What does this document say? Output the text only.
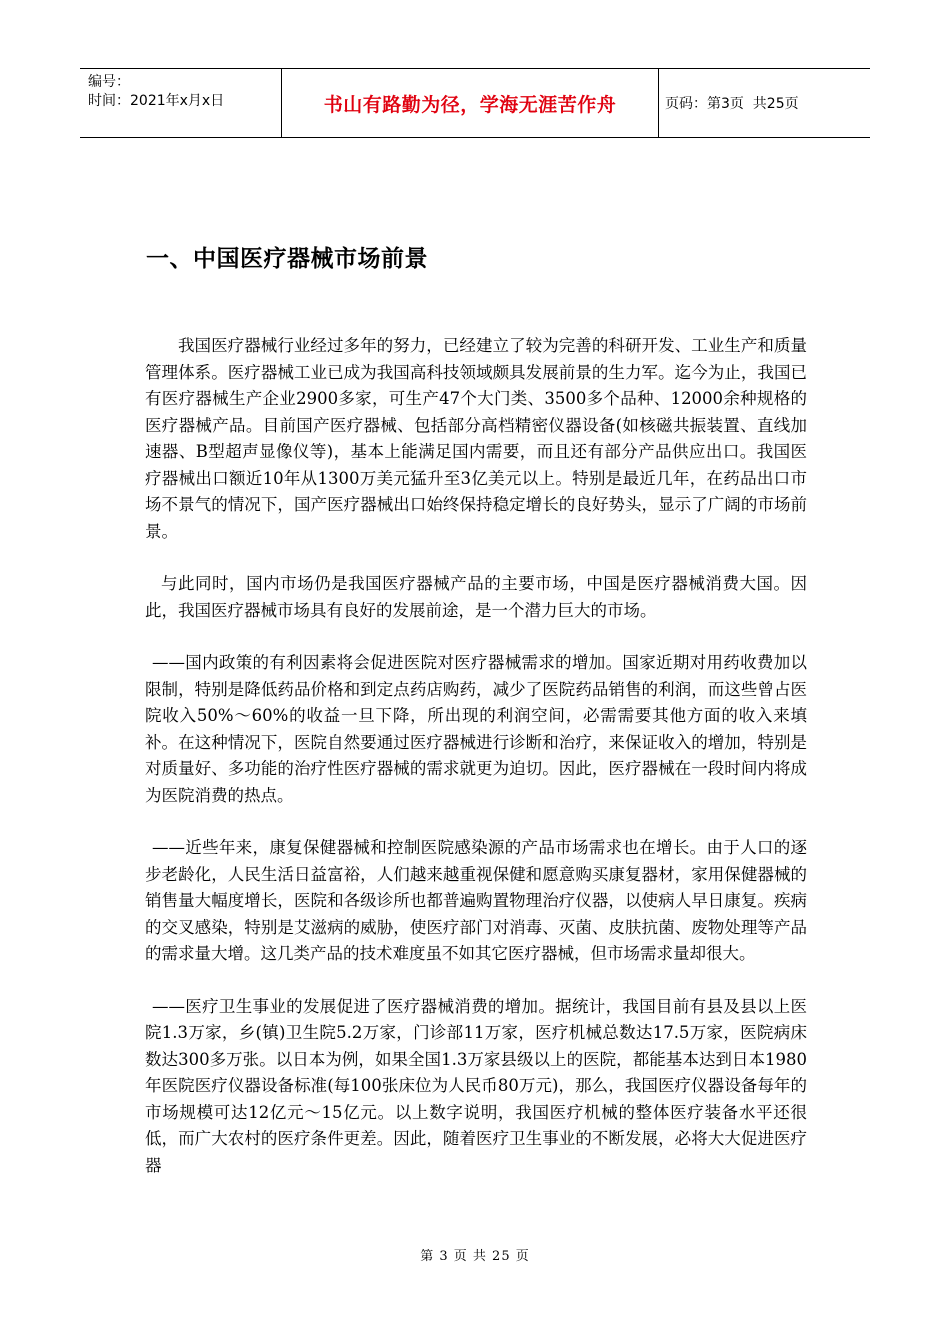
编号：
时间：2021年x月x日	书山有路勤为径，学海无涯苦作舟	页码：第3页  共25页
一、中国医疗器械市场前景

我国医疗器械行业经过多年的努力，已经建立了较为完善的科研开发、工业生产和质量管理体系。医疗器械工业已成为我国高科技领域颇具发展前景的生力军。迄今为止，我国已有医疗器械生产企业2900多家，可生产47个大门类、3500多个品种、12000余种规格的医疗器械产品。目前国产医疗器械、包括部分高档精密仪器设备(如核磁共振装置、直线加速器、B型超声显像仪等)，基本上能满足国内需要，而且还有部分产品供应出口。我国医疗器械出口额近10年从1300万美元猛升至3亿美元以上。特别是最近几年，在药品出口市场不景气的情况下，国产医疗器械出口始终保持稳定增长的良好势头，显示了广阔的市场前景。

与此同时，国内市场仍是我国医疗器械产品的主要市场，中国是医疗器械消费大国。因此，我国医疗器械市场具有良好的发展前途，是一个潜力巨大的市场。

——国内政策的有利因素将会促进医院对医疗器械需求的增加。国家近期对用药收费加以限制，特别是降低药品价格和到定点药店购药，减少了医院药品销售的利润，而这些曾占医院收入50%～60%的收益一旦下降，所出现的利润空间，必需需要其他方面的收入来填补。在这种情况下，医院自然要通过医疗器械进行诊断和治疗，来保证收入的增加，特别是对质量好、多功能的治疗性医疗器械的需求就更为迫切。因此，医疗器械在一段时间内将成为医院消费的热点。

——近些年来，康复保健器械和控制医院感染源的产品市场需求也在增长。由于人口的逐步老龄化，人民生活日益富裕，人们越来越重视保健和愿意购买康复器材，家用保健器械的销售量大幅度增长，医院和各级诊所也都普遍购置物理治疗仪器，以使病人早日康复。疾病的交叉感染，特别是艾滋病的威胁，使医疗部门对消毒、灭菌、皮肤抗菌、废物处理等产品的需求量大增。这几类产品的技术难度虽不如其它医疗器械，但市场需求量却很大。

——医疗卫生事业的发展促进了医疗器械消费的增加。据统计，我国目前有县及县以上医院1.3万家，乡(镇)卫生院5.2万家，门诊部11万家，医疗机械总数达17.5万家，医院病床数达300多万张。以日本为例，如果全国1.3万家县级以上的医院，都能基本达到日本1980年医院医疗仪器设备标准(每100张床位为人民币80万元)，那么，我国医疗仪器设备每年的市场规模可达12亿元～15亿元。以上数字说明，我国医疗机械的整体医疗装备水平还很低，而广大农村的医疗条件更差。因此，随着医疗卫生事业的不断发展，必将大大促进医疗器

第 3 页 共 25 页
